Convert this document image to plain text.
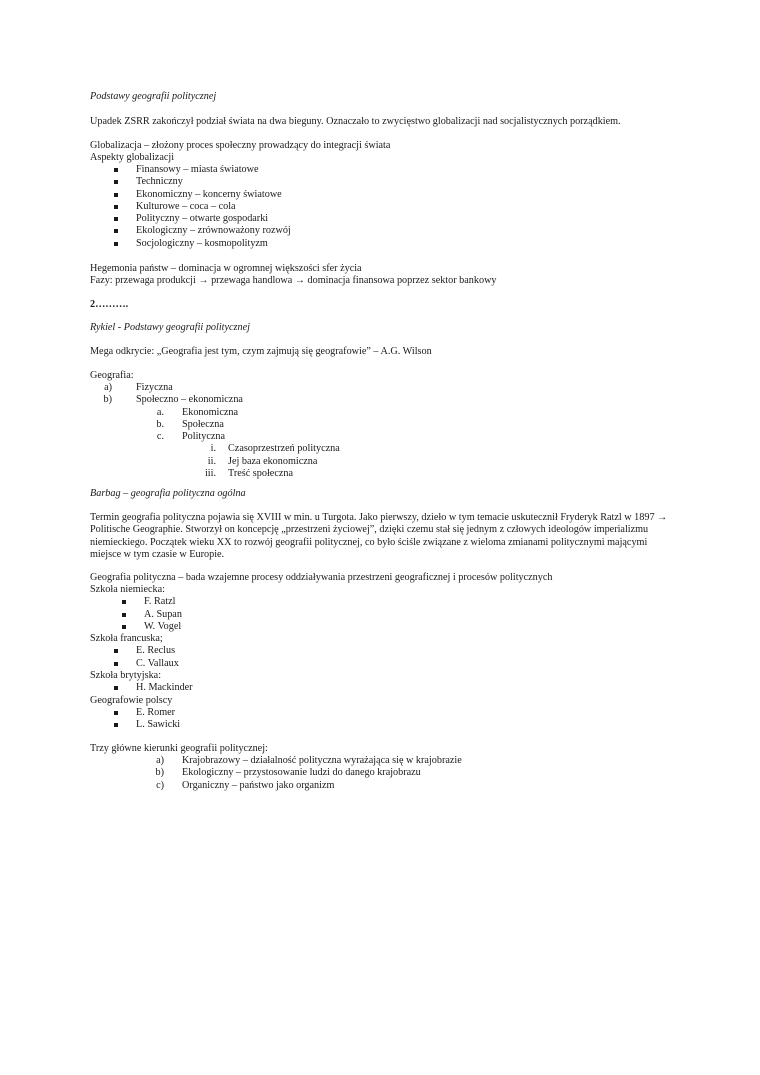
Podstawy geografii politycznej
Upadek ZSRR zakończył podział świata na dwa bieguny. Oznaczało to zwycięstwo globalizacji nad socjalistycznych porządkiem.
Globalizacja – złożony proces społeczny prowadzący do integracji świata
Aspekty globalizacji
Finansowy – miasta światowe
Techniczny
Ekonomiczny – koncerny światowe
Kulturowe – coca – cola
Polityczny – otwarte gospodarki
Ekologiczny – zrównoważony rozwój
Socjologiczny – kosmopolityzm
Hegemonia państw – dominacja w ogromnej większości sfer życia
Fazy: przewaga produkcji → przewaga handlowa → dominacja finansowa poprzez sektor bankowy
2……….
Rykiel - Podstawy geografii politycznej
Mega odkrycie: „Geografia jest tym, czym zajmują się geografowie” – A.G. Wilson
Geografia:
a) Fizyczna
b) Społeczno – ekonomiczna
a. Ekonomiczna
b. Społeczna
c. Polityczna
i. Czasoprzestrzeń polityczna
ii. Jej baza ekonomiczna
iii. Treść społeczna
Barbag – geografia polityczna ogólna
Termin geografia polityczna pojawia się XVIII w min. u Turgota. Jako pierwszy, dzieło w tym temacie uskutecznił Fryderyk Ratzl w 1897 → Politische Geographie. Stworzył on koncepcję „przestrzeni życiowej”, dzięki czemu stał się jednym z człowych ideologów imperializmu niemieckiego. Początek wieku XX to rozwój geografii politycznej, co było ściśle związane z wieloma zmianami politycznymi mającymi miejsce w tym czasie w Europie.
Geografia polityczna – bada wzajemne procesy oddziaływania przestrzeni geograficznej i procesów politycznych
Szkoła niemiecka:
F. Ratzl
A. Supan
W. Vogel
Szkoła francuska;
E. Reclus
C. Vallaux
Szkoła brytyjska:
H. Mackinder
Geografowie polscy
E. Romer
L. Sawicki
Trzy główne kierunki geografii politycznej:
a) Krajobrazowy – działalność polityczna wyrażająca się w krajobrazie
b) Ekologiczny – przystosowanie ludzi do danego krajobrazu
c) Organiczny – państwo jako organizm
